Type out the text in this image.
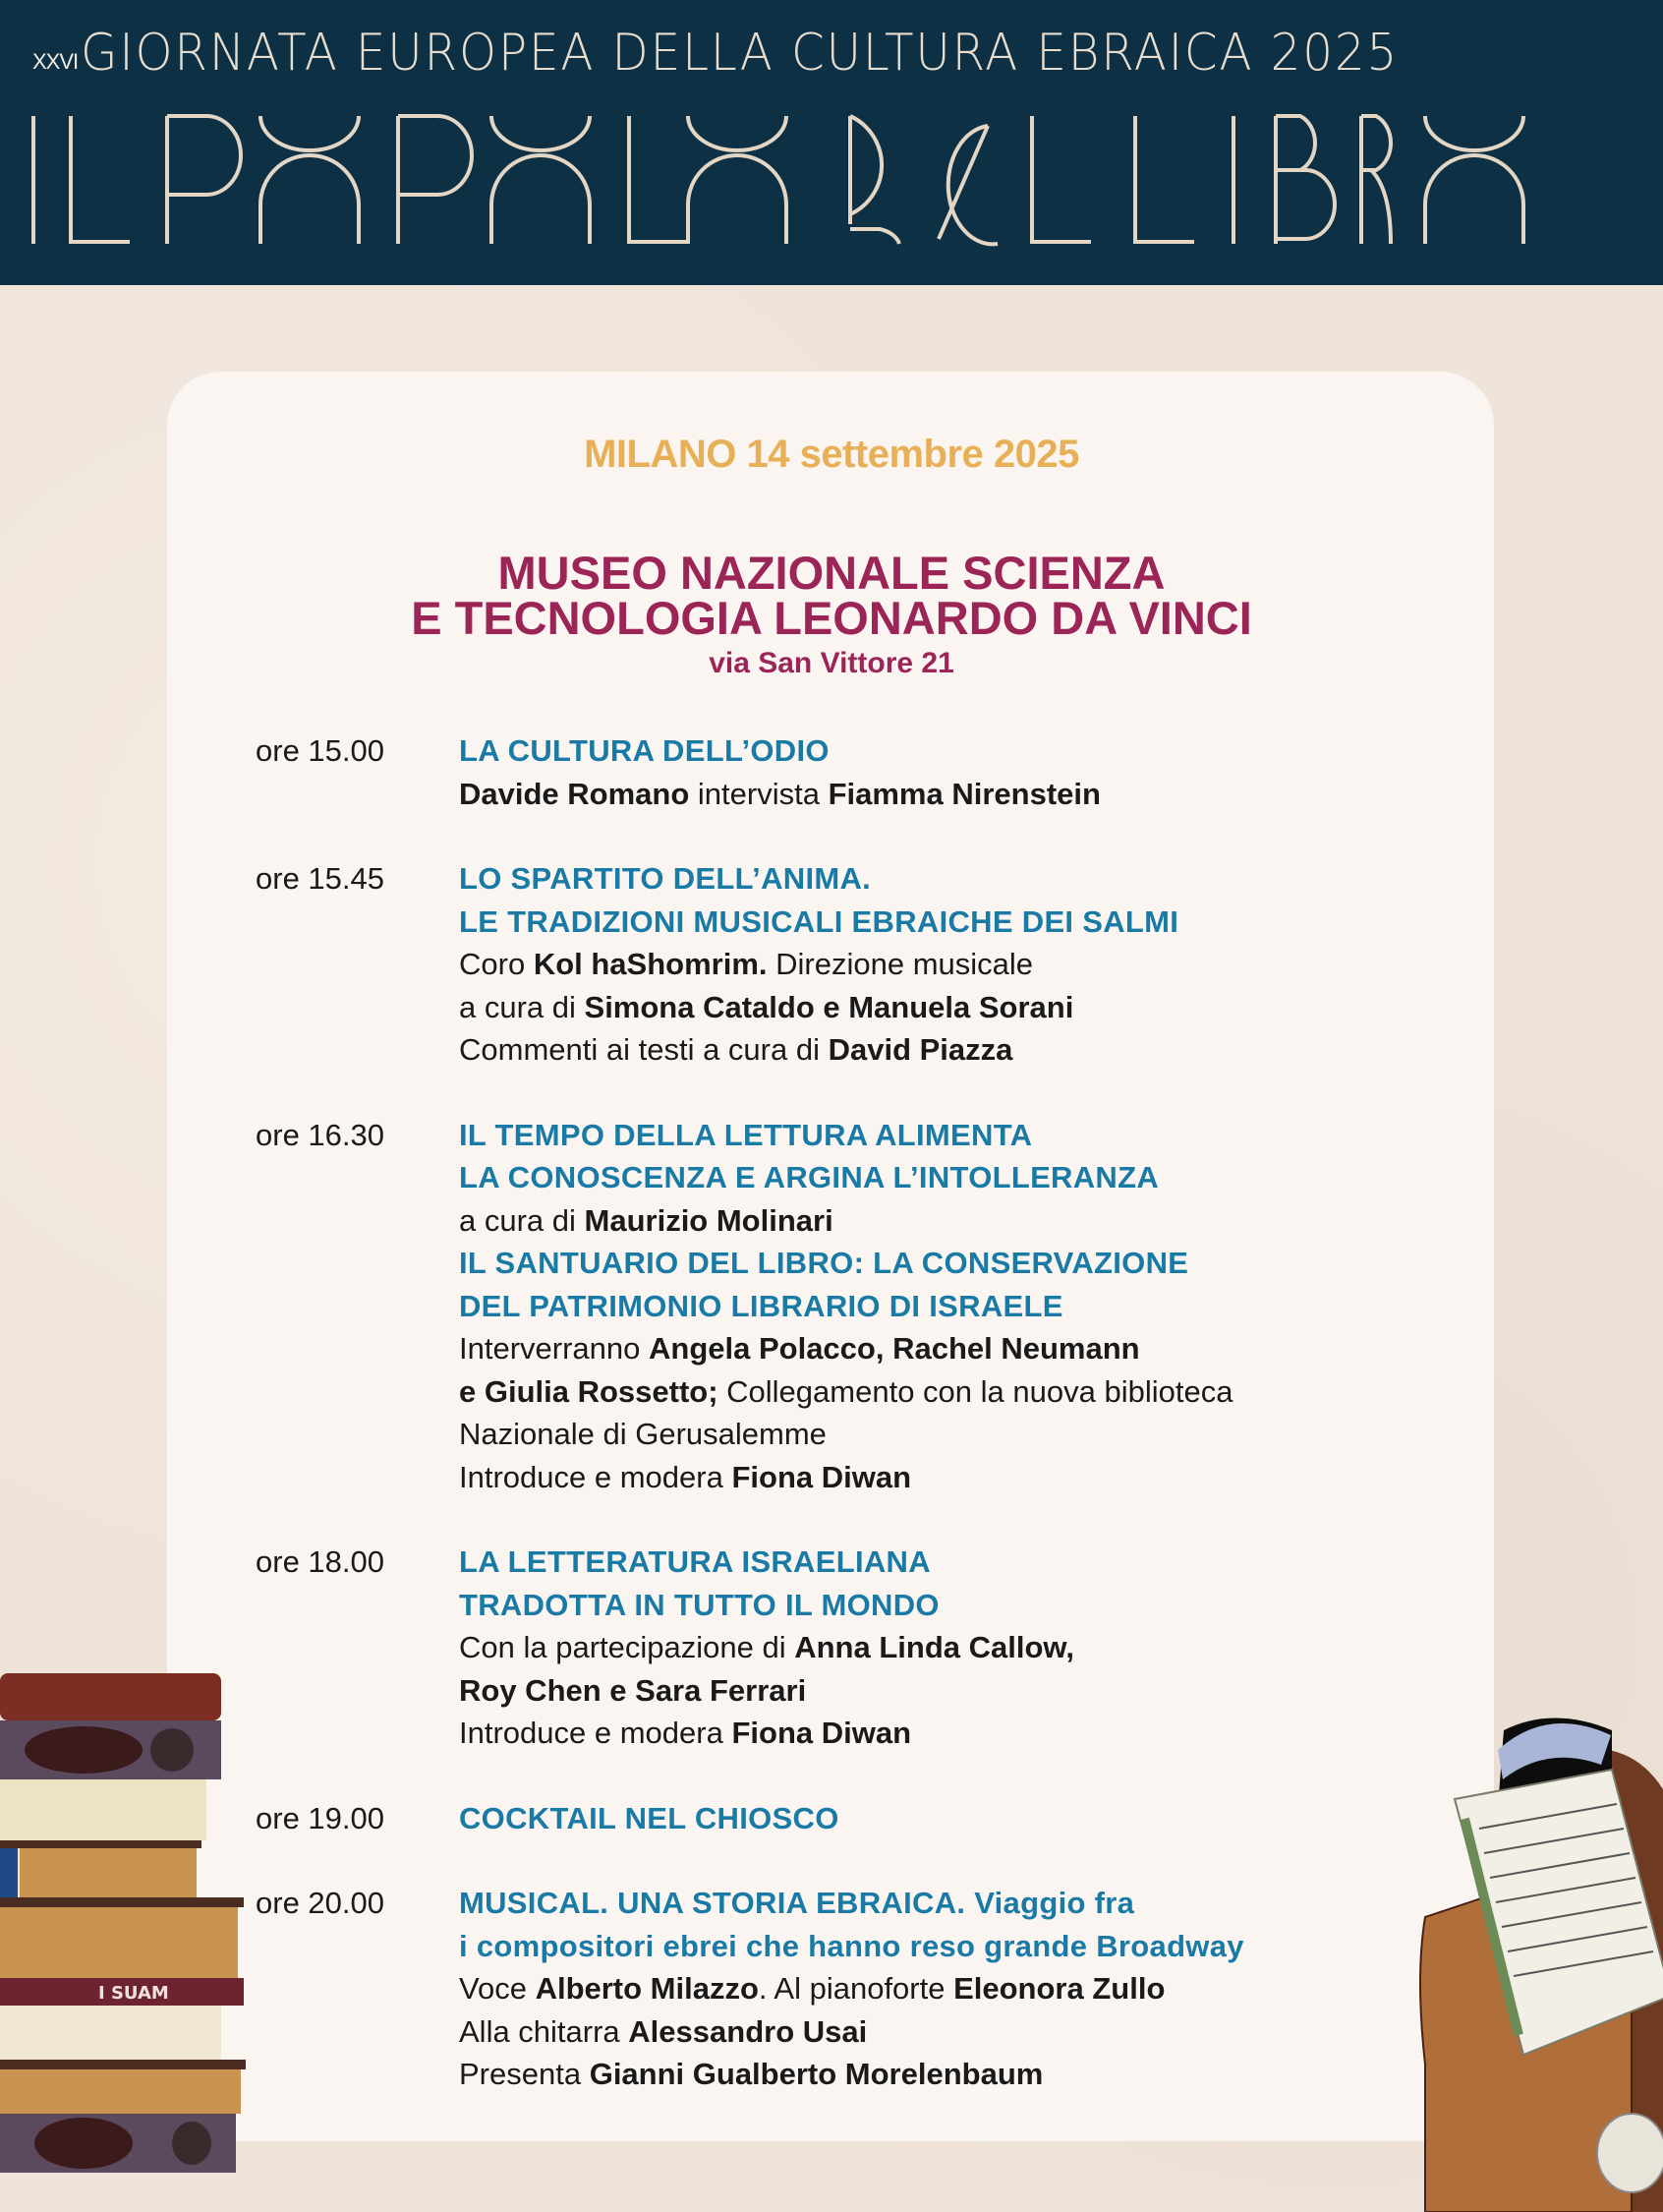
XXVI GIORNATA EUROPEA DELLA CULTURA EBRAICA 2025
MILANO 14 settembre 2025
MUSEO NAZIONALE SCIENZA
E TECNOLOGIA LEONARDO DA VINCI
via San Vittore 21
ore 15.00 LA CULTURA DELL’ODIO
Davide Romano intervista Fiamma Nirenstein
ore 15.45 LO SPARTITO DELL’ANIMA.
LE TRADIZIONI MUSICALI EBRAICHE DEI SALMI
Coro Kol haShomrim. Direzione musicale
a cura di Simona Cataldo e Manuela Sorani
Commenti ai testi a cura di David Piazza
ore 16.30 IL TEMPO DELLA LETTURA ALIMENTA
LA CONOSCENZA E ARGINA L’INTOLLERANZA
a cura di Maurizio Molinari
IL SANTUARIO DEL LIBRO: LA CONSERVAZIONE
DEL PATRIMONIO LIBRARIO DI ISRAELE
Interverranno Angela Polacco, Rachel Neumann
e Giulia Rossetto; Collegamento con la nuova biblioteca
Nazionale di Gerusalemme
Introduce e modera Fiona Diwan
ore 18.00 LA LETTERATURA ISRAELIANA
TRADOTTA IN TUTTO IL MONDO
Con la partecipazione di Anna Linda Callow,
Roy Chen e Sara Ferrari
Introduce e modera Fiona Diwan
ore 19.00 COCKTAIL NEL CHIOSCO
ore 20.00 MUSICAL. UNA STORIA EBRAICA. Viaggio fra
i compositori ebrei che hanno reso grande Broadway
Voce Alberto Milazzo. Al pianoforte Eleonora Zullo
Alla chitarra Alessandro Usai
Presenta Gianni Gualberto Morelenbaum
I SUAM
